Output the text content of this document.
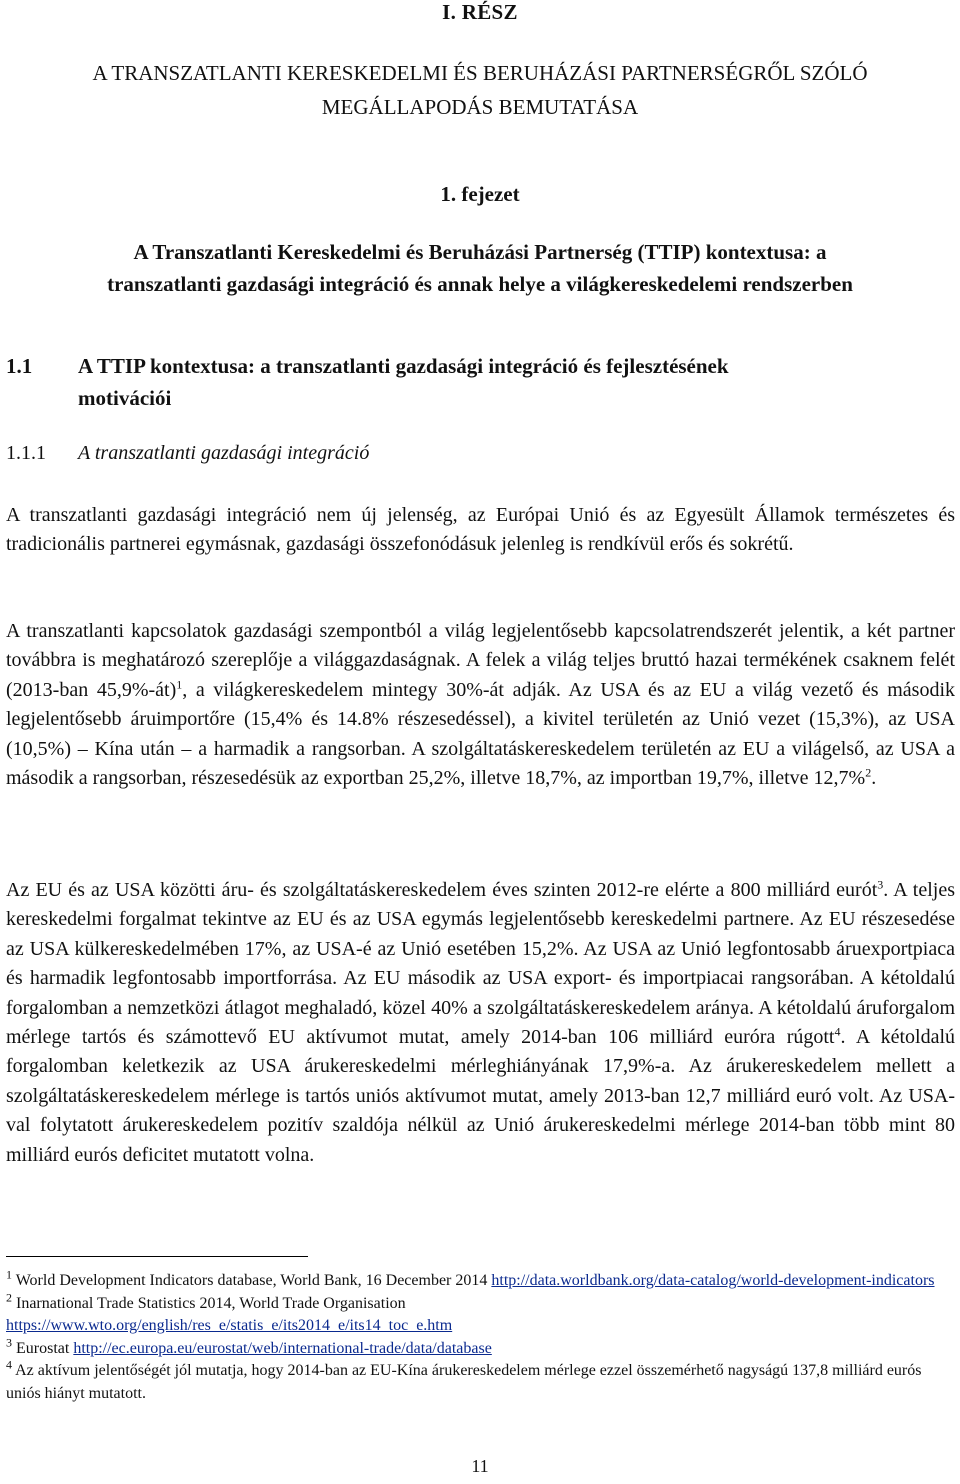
I. RÉSZ
A TRANSZATLANTI KERESKEDELMI ÉS BERUHÁZÁSI PARTNERSÉGRŐL SZÓLÓ
MEGÁLLAPODÁS BEMUTATÁSA
1. fejezet
A Transzatlanti Kereskedelmi és Beruházási Partnerség (TTIP) kontextusa: a
transzatlanti gazdasági integráció és annak helye a világkereskedelemi rendszerben
1.1 A TTIP kontextusa: a transzatlanti gazdasági integráció és fejlesztésének
motivációi
1.1.1 A transzatlanti gazdasági integráció
A transzatlanti gazdasági integráció nem új jelenség, az Európai Unió és az Egyesült Államok természetes és tradicionális partnerei egymásnak, gazdasági összefonódásuk jelenleg is rendkívül erős és sokrétű.
A transzatlanti kapcsolatok gazdasági szempontból a világ legjelentősebb kapcsolatrendszerét jelentik, a két partner továbbra is meghatározó szereplője a világgazdaságnak. A felek a világ teljes bruttó hazai termékének csaknem felét (2013-ban 45,9%-át)$^1$, a világkereskedelem mintegy 30%-át adják. Az USA és az EU a világ vezető és második legjelentősebb áruimportőre (15,4% és 14.8% részesedéssel), a kivitel területén az Unió vezet (15,3%), az USA (10,5%) – Kína után – a harmadik a rangsorban. A szolgáltatáskereskedelem területén az EU a világelső, az USA a második a rangsorban, részesedésük az exportban 25,2%, illetve 18,7%, az importban 19,7%, illetve 12,7%$^2$.
Az EU és az USA közötti áru- és szolgáltatáskereskedelem éves szinten 2012-re elérte a 800 milliárd eurót$^3$. A teljes kereskedelmi forgalmat tekintve az EU és az USA egymás legjelentősebb kereskedelmi partnere. Az EU részesedése az USA külkereskedelmében 17%, az USA-é az Unió esetében 15,2%. Az USA az Unió legfontosabb áruexportpiaca és harmadik legfontosabb importforrása. Az EU második az USA export- és importpiacai rangsorában. A kétoldalú forgalomban a nemzetközi átlagot meghaladó, közel 40% a szolgáltatáskereskedelem aránya. A kétoldalú áruforgalom mérlege tartós és számottevő EU aktívumot mutat, amely 2014-ban 106 milliárd euróra rúgott$^4$. A kétoldalú forgalomban keletkezik az USA árukereskedelmi mérleghiányának 17,9%-a. Az árukereskedelem mellett a szolgáltatáskereskedelem mérlege is tartós uniós aktívumot mutat, amely 2013-ban 12,7 milliárd euró volt. Az USA-val folytatott árukereskedelem pozitív szaldója nélkül az Unió árukereskedelmi mérlege 2014-ban több mint 80 milliárd eurós deficitet mutatott volna.
$^1$ World Development Indicators database, World Bank, 16 December 2014 http://data.worldbank.org/data-catalog/world-development-indicators
$^2$ Inarnational Trade Statistics 2014, World Trade Organisation
https://www.wto.org/english/res_e/statis_e/its2014_e/its14_toc_e.htm
$^3$ Eurostat http://ec.europa.eu/eurostat/web/international-trade/data/database
$^4$ Az aktívum jelentőségét jól mutatja, hogy 2014-ban az EU-Kína árukereskedelem mérlege ezzel összemérhető nagyságú 137,8 milliárd eurós uniós hiányt mutatott.
11
